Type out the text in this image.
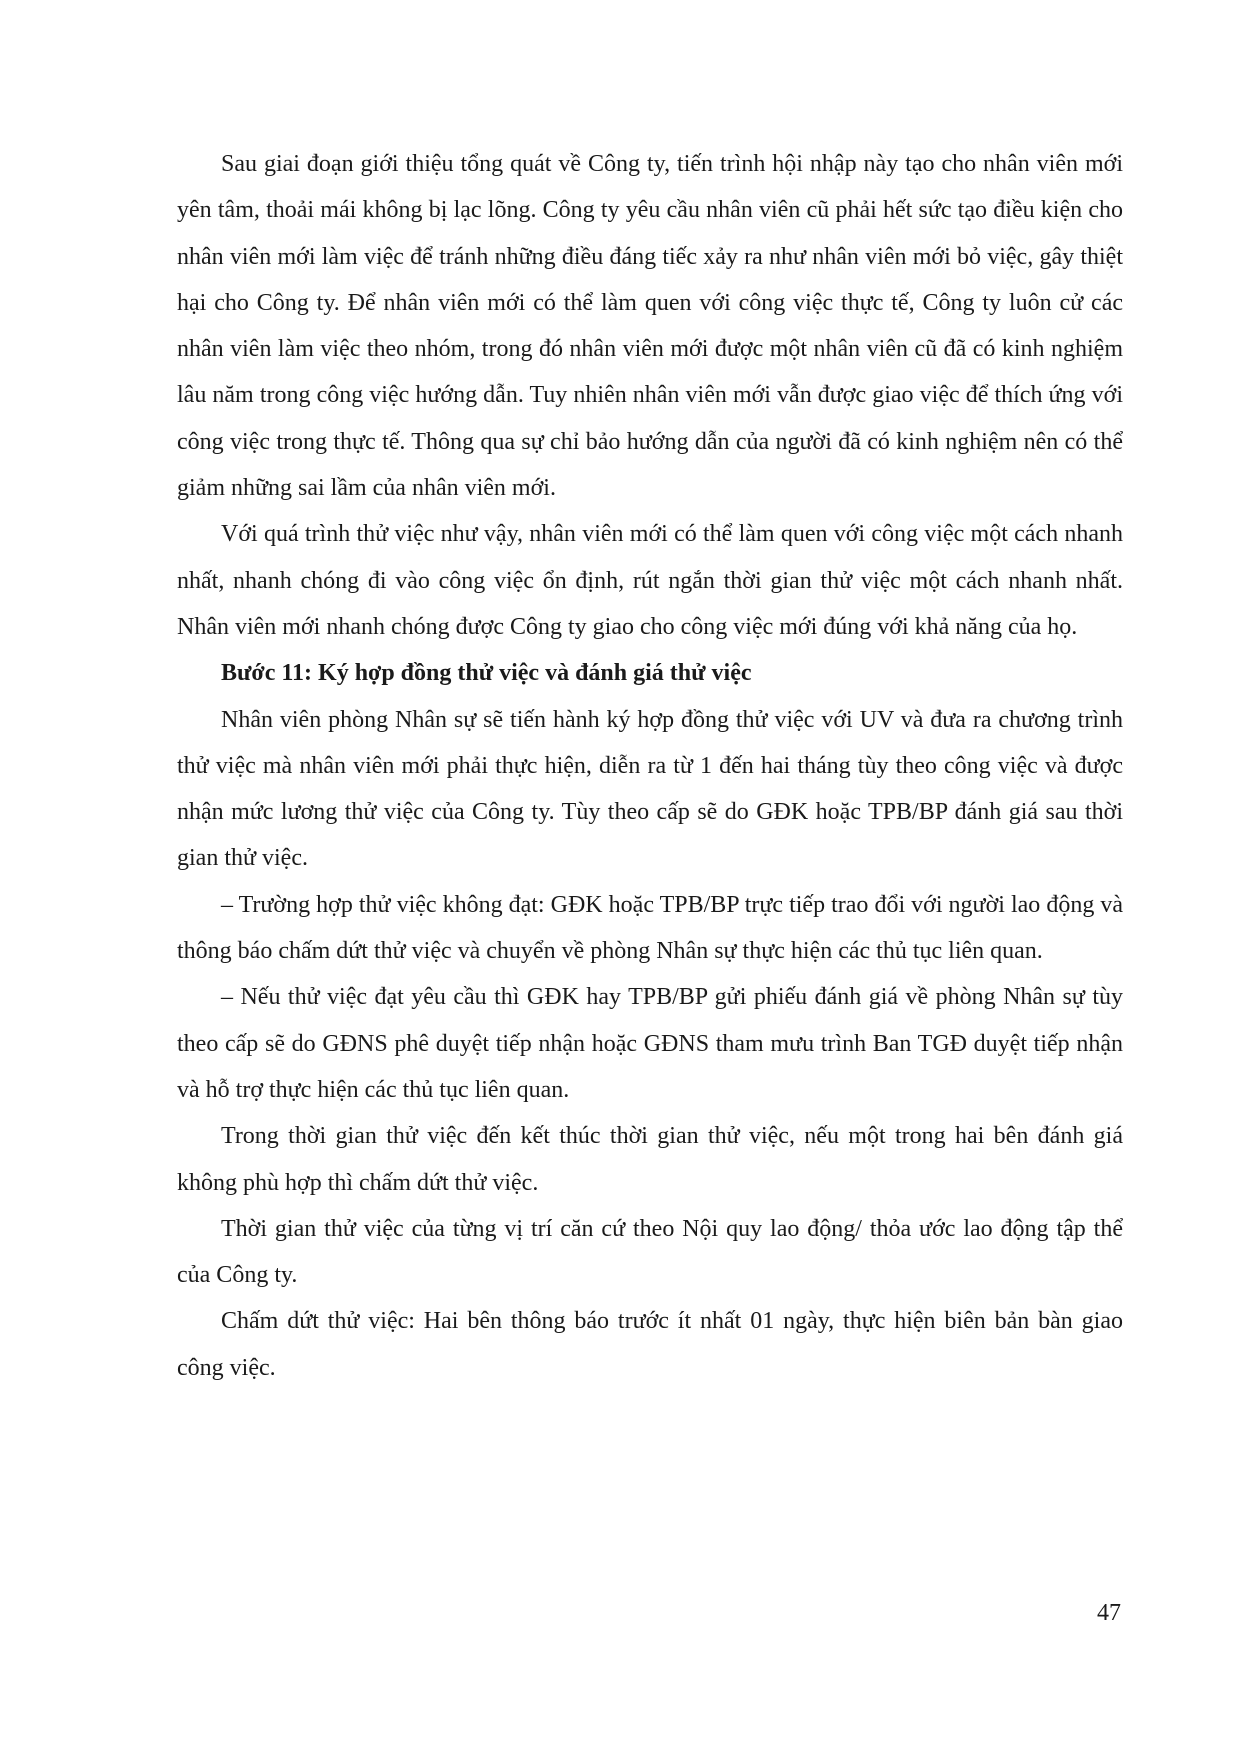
Sau giai đoạn giới thiệu tổng quát về Công ty, tiến trình hội nhập này tạo cho nhân viên mới yên tâm, thoải mái không bị lạc lõng. Công ty yêu cầu nhân viên cũ phải hết sức tạo điều kiện cho nhân viên mới làm việc để tránh những điều đáng tiếc xảy ra như nhân viên mới bỏ việc, gây thiệt hại cho Công ty. Để nhân viên mới có thể làm quen với công việc thực tế, Công ty luôn cử các nhân viên làm việc theo nhóm, trong đó nhân viên mới được một nhân viên cũ đã có kinh nghiệm lâu năm trong công việc hướng dẫn. Tuy nhiên nhân viên mới vẫn được giao việc để thích ứng với công việc trong thực tế. Thông qua sự chỉ bảo hướng dẫn của người đã có kinh nghiệm nên có thể giảm những sai lầm của nhân viên mới.

Với quá trình thử việc như vậy, nhân viên mới có thể làm quen với công việc một cách nhanh nhất, nhanh chóng đi vào công việc ổn định, rút ngắn thời gian thử việc một cách nhanh nhất. Nhân viên mới nhanh chóng được Công ty giao cho công việc mới đúng với khả năng của họ.

Bước 11: Ký hợp đồng thử việc và đánh giá thử việc

Nhân viên phòng Nhân sự sẽ tiến hành ký hợp đồng thử việc với UV và đưa ra chương trình thử việc mà nhân viên mới phải thực hiện, diễn ra từ 1 đến hai tháng tùy theo công việc và được nhận mức lương thử việc của Công ty. Tùy theo cấp sẽ do GĐK hoặc TPB/BP đánh giá sau thời gian thử việc.

– Trường hợp thử việc không đạt: GĐK hoặc TPB/BP trực tiếp trao đổi với người lao động và thông báo chấm dứt thử việc và chuyển về phòng Nhân sự thực hiện các thủ tục liên quan.

– Nếu thử việc đạt yêu cầu thì GĐK hay TPB/BP gửi phiếu đánh giá về phòng Nhân sự tùy theo cấp sẽ do GĐNS phê duyệt tiếp nhận hoặc GĐNS tham mưu trình Ban TGĐ duyệt tiếp nhận và hỗ trợ thực hiện các thủ tục liên quan.

Trong thời gian thử việc đến kết thúc thời gian thử việc, nếu một trong hai bên đánh giá không phù hợp thì chấm dứt thử việc.

Thời gian thử việc của từng vị trí căn cứ theo Nội quy lao động/ thỏa ước lao động tập thể của Công ty.

Chấm dứt thử việc: Hai bên thông báo trước ít nhất 01 ngày, thực hiện biên bản bàn giao công việc.

47
